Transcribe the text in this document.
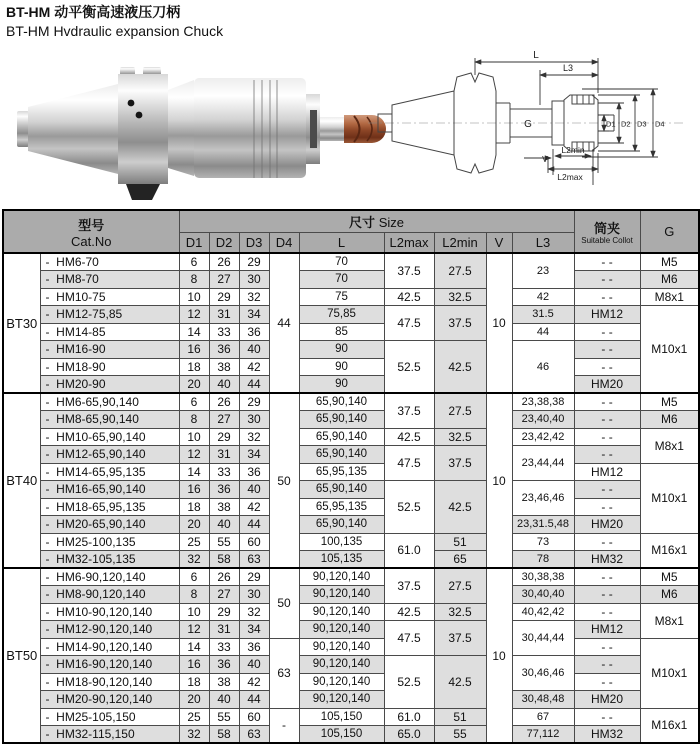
BT-HM 动平衡高速液压刀柄
BT-HM Hvdraulic expansion Chuck
L
L3
G	D1 D2 D3 D4
V
L2min
L2max
型号
Cat.No
	尺寸 Size	筒夹
Suitable Collot
	G
		D1	D2	D3	D4	L	L2max	L2min	V	L3		
BT30	-  HM6-70	6	26	29	44	70	37.5	27.5	10	23	- -	M5
	-  HM8-70	8	27	30		70					- -	M6
	-  HM10-75	10	29	32		75	42.5	32.5		42	- -	M8x1
	-  HM12-75,85	12	31	34		75,85	47.5	37.5		31.5	HM12	M10x1
	-  HM14-85	14	33	36		85				44	- -	
	-  HM16-90	16	36	40		90	52.5	42.5		46	- -	
	-  HM18-90	18	38	42		90					- -	
	-  HM20-90	20	40	44		90					HM20	
BT40	-  HM6-65,90,140	6	26	29	50	65,90,140	37.5	27.5	10	23,38,38	- -	M5
	-  HM8-65,90,140	8	27	30		65,90,140				23,40,40	- -	M6
	-  HM10-65,90,140	10	29	32		65,90,140	42.5	32.5		23,42,42	- -	M8x1
	-  HM12-65,90,140	12	31	34		65,90,140	47.5	37.5		23,44,44	- -	
	-  HM14-65,95,135	14	33	36		65,95,135					HM12	M10x1
	-  HM16-65,90,140	16	36	40		65,90,140	52.5	42.5		23,46,46	- -	
	-  HM18-65,95,135	18	38	42		65,95,135					- -	
	-  HM20-65,90,140	20	40	44		65,90,140				23,31.5,48	HM20	
	-  HM25-100,135	25	55	60		100,135	61.0	51		73	- -	M16x1
	-  HM32-105,135	32	58	63		105,135		65		78	HM32	
BT50	-  HM6-90,120,140	6	26	29	50	90,120,140	37.5	27.5	10	30,38,38	- -	M5
	-  HM8-90,120,140	8	27	30		90,120,140				30,40,40	- -	M6
	-  HM10-90,120,140	10	29	32		90,120,140	42.5	32.5		40,42,42	- -	M8x1
	-  HM12-90,120,140	12	31	34		90,120,140	47.5	37.5		30,44,44	HM12	
	-  HM14-90,120,140	14	33	36	63	90,120,140					- -	M10x1
	-  HM16-90,120,140	16	36	40		90,120,140	52.5	42.5		30,46,46	- -	
	-  HM18-90,120,140	18	38	42		90,120,140					- -	
	-  HM20-90,120,140	20	40	44		90,120,140				30,48,48	HM20	
	-  HM25-105,150	25	55	60	-	105,150	61.0	51		67	- -	M16x1
	-  HM32-115,150	32	58	63		105,150	65.0	55		77,112	HM32	
